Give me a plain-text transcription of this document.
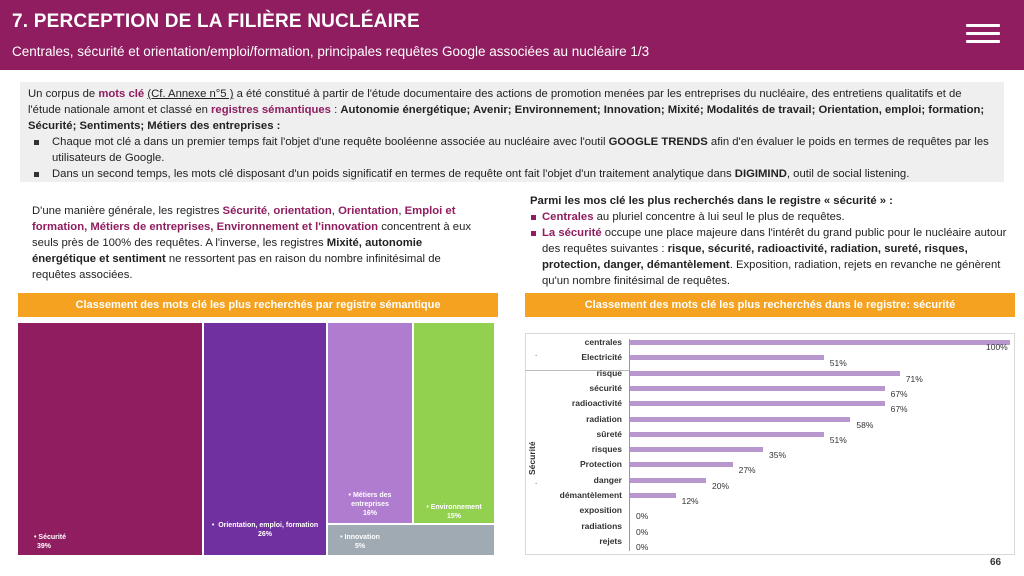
7. PERCEPTION DE LA FILIÈRE NUCLÉAIRE
Centrales, sécurité et orientation/emploi/formation, principales requêtes Google associées au nucléaire 1/3
Un corpus de mots clé (Cf. Annexe n°5 ) a été constitué à partir de l'étude documentaire des actions de promotion menées par les entreprises du nucléaire, des entretiens qualitatifs et de l'étude nationale amont et classé en registres sémantiques : Autonomie énergétique; Avenir; Environnement; Innovation; Mixité; Modalités de travail; Orientation, emploi; formation; Sécurité; Sentiments; Métiers des entreprises :
Chaque mot clé a dans un premier temps fait l'objet d'une requête booléenne associée au nucléaire avec l'outil GOOGLE TRENDS afin d'en évaluer le poids en termes de requêtes par les utilisateurs de Google.
Dans un second temps, les mots clé disposant d'un poids significatif en termes de requête ont fait l'objet d'un traitement analytique dans DIGIMIND, outil de social listening.
D'une manière générale, les registres Sécurité, orientation, Orientation, Emploi et formation, Métiers de entreprises, Environnement et l'innovation concentrent à eux seuls près de 100% des requêtes. A l'inverse, les registres Mixité, autonomie énergétique et sentiment ne ressortent pas en raison du nombre infinitésimal de requêtes associées.
Parmi les mos clé les plus recherchés dans le registre « sécurité » :
Centrales au pluriel concentre à lui seul le plus de requêtes.
La sécurité occupe une place majeure dans l'intérêt du grand public pour le nucléaire autour des requêtes suivantes : risque, sécurité, radioactivité, radiation, sureté, risques, protection, danger, démantèlement. Exposition, radiation, rejets en revanche ne génèrent qu'un nombre finitésimal de requêtes.
Classement des mots clé les plus recherchés par registre sémantique	Classement des mots clé les plus recherchés dans le registre: sécurité
• Sécurité
39%
•  Orientation, emploi, formation
26%
• Métiers des entreprises
16%
• Environnement
15%
• Innovation
5%
Sécurité
.
.
centrales	100%
Electricité
51%
risque
71%
sécurité
67%
radioactivité
67%
radiation
58%
sûreté
51%
risques
35%
Protection
27%
danger
20%
démantèlement
12%
exposition
0%
radiations
0%
rejets
0%
66
